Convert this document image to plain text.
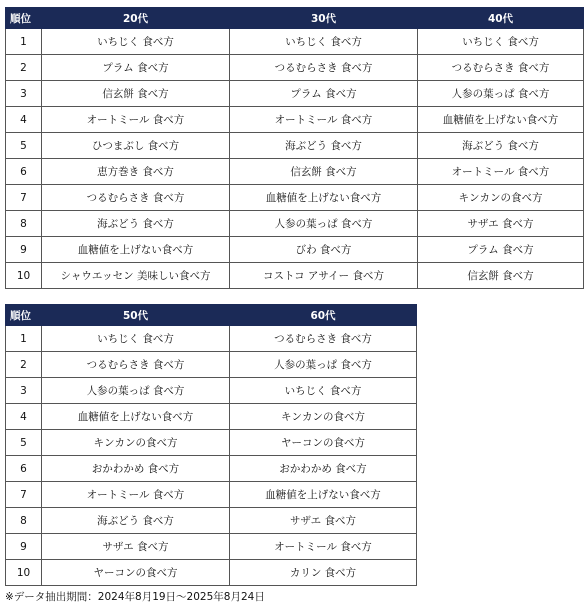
順位	20代	30代	40代
1	いちじく 食べ方	いちじく 食べ方	いちじく 食べ方
2	プラム 食べ方	つるむらさき 食べ方	つるむらさき 食べ方
3	信玄餅 食べ方	プラム 食べ方	人参の葉っぱ 食べ方
4	オートミール 食べ方	オートミール 食べ方	血糖値を上げない食べ方
5	ひつまぶし 食べ方	海ぶどう 食べ方	海ぶどう 食べ方
6	恵方巻き 食べ方	信玄餅 食べ方	オートミール 食べ方
7	つるむらさき 食べ方	血糖値を上げない食べ方	キンカンの食べ方
8	海ぶどう 食べ方	人参の葉っぱ 食べ方	サザエ 食べ方
9	血糖値を上げない食べ方	びわ 食べ方	プラム 食べ方
10	シャウエッセン 美味しい食べ方	コストコ アサイー 食べ方	信玄餅 食べ方
順位	50代	60代
1	いちじく 食べ方	つるむらさき 食べ方
2	つるむらさき 食べ方	人参の葉っぱ 食べ方
3	人参の葉っぱ 食べ方	いちじく 食べ方
4	血糖値を上げない食べ方	キンカンの食べ方
5	キンカンの食べ方	ヤーコンの食べ方
6	おかわかめ 食べ方	おかわかめ 食べ方
7	オートミール 食べ方	血糖値を上げない食べ方
8	海ぶどう 食べ方	サザエ 食べ方
9	サザエ 食べ方	オートミール 食べ方
10	ヤーコンの食べ方	カリン 食べ方
※データ抽出期間：2024年8月19日～2025年8月24日
